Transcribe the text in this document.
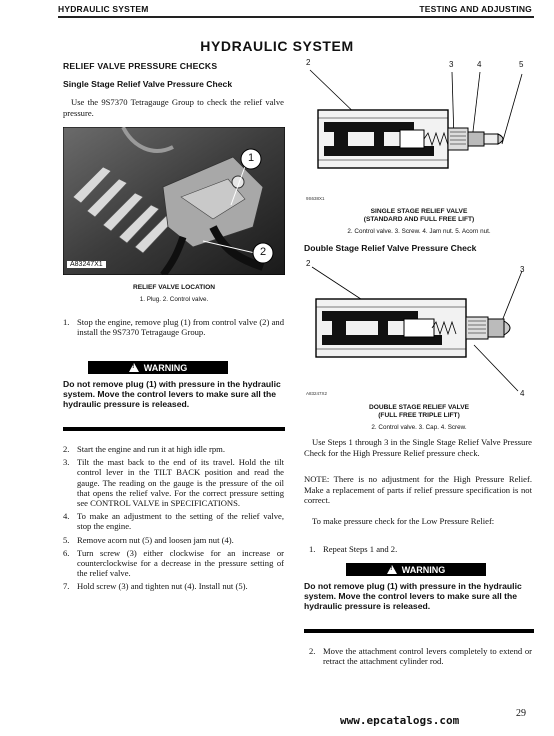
HYDRAULIC SYSTEM	TESTING AND ADJUSTING
HYDRAULIC SYSTEM
RELIEF VALVE PRESSURE CHECKS
Single Stage Relief Valve Pressure Check
Use the 9S7370 Tetragauge Group to check the relief valve pressure.
1
2
A83247X1
RELIEF VALVE LOCATION
1. Plug. 2. Control valve.
1. Stop the engine, remove plug (1) from control valve (2) and install the 9S7370 Tetragauge Group.
!
WARNING
Do not remove plug (1) with pressure in the hydraulic system. Move the control levers to make sure all the hydraulic pressure is released.
2. Start the engine and run it at high idle rpm.
3. Tilt the mast back to the end of its travel. Hold the tilt control lever in the TILT BACK position and read the gauge. The reading on the gauge is the pressure of the oil that opens the relief valve. For the correct pressure setting see CONTROL VALVE in SPECIFICATIONS.
4. To make an adjustment to the setting of the relief valve, stop the engine.
5. Remove acorn nut (5) and loosen jam nut (4).
6. Turn screw (3) either clockwise for an increase or counterclockwise for a decrease in the pressure setting of the relief valve.
7. Hold screw (3) and tighten nut (4). Install nut (5).
2	3	4	5
9S638X1
SINGLE STAGE RELIEF VALVE
(STANDARD AND FULL FREE LIFT)
2. Control valve. 3. Screw. 4. Jam nut. 5. Acorn nut.
Double Stage Relief Valve Pressure Check
2
3
4
A83247X2
DOUBLE STAGE RELIEF VALVE
(FULL FREE TRIPLE LIFT)
2. Control valve. 3. Cap. 4. Screw.
Use Steps 1 through 3 in the Single Stage Relief Valve Pressure Check for the High Pressure Relief pressure check.
NOTE: There is no adjustment for the High Pressure Relief. Make a replacement of parts if relief pressure specification is not correct.
To make pressure check for the Low Pressure Relief:
1. Repeat Steps 1 and 2.
!
WARNING
Do not remove plug (1) with pressure in the hydraulic system. Move the control levers to make sure all the hydraulic pressure is released.
2. Move the attachment control levers completely to extend or retract the attachment cylinder rod.
www.epcatalogs.com
29
